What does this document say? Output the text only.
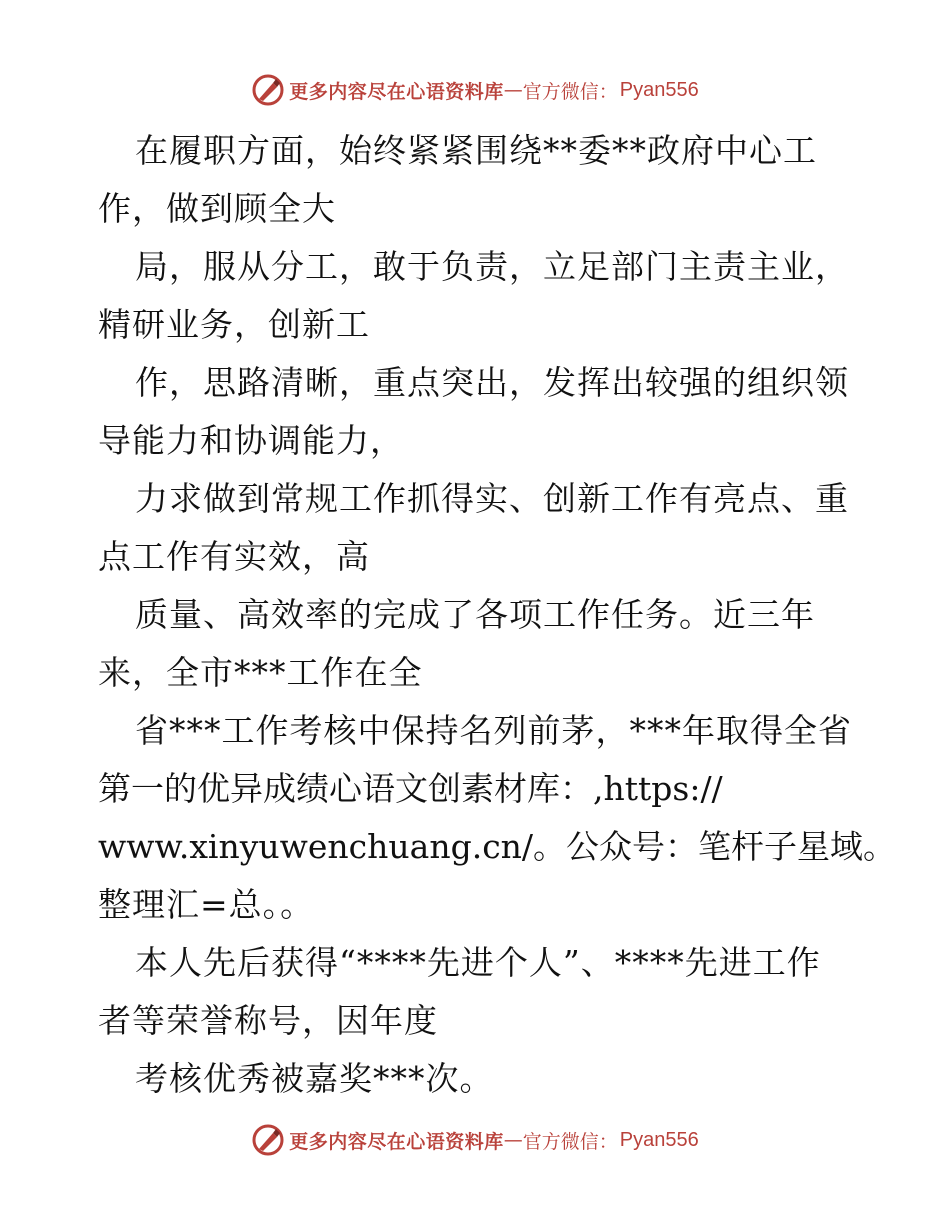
更多内容尽在心语资料库 — 官方微信： Pyan556
在履职方面，始终紧紧围绕**委**政府中心工
作，做到顾全大
局，服从分工，敢于负责，立足部门主责主业，
精研业务，创新工
作，思路清晰，重点突出，发挥出较强的组织领
导能力和协调能力，
力求做到常规工作抓得实、创新工作有亮点、重
点工作有实效，高
质量、高效率的完成了各项工作任务。近三年
来，全市***工作在全
省***工作考核中保持名列前茅，***年取得全省
第一的优异成绩心语文创素材库：,https://
www.xinyuwenchuang.cn/。公众号：笔杆子星域。
整理汇=总。。
本人先后获得“****先进个人”、****先进工作
者等荣誉称号，因年度
考核优秀被嘉奖***次。
更多内容尽在心语资料库 — 官方微信： Pyan556
